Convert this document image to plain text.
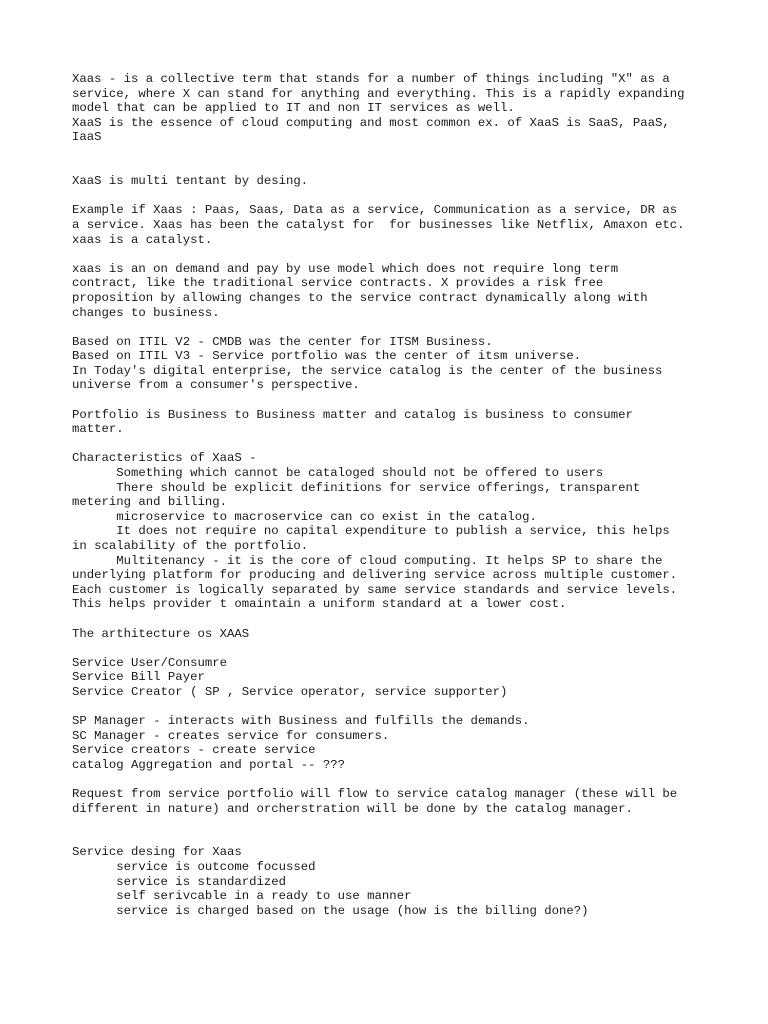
Xaas - is a collective term that stands for a number of things including "X" as a
service, where X can stand for anything and everything. This is a rapidly expanding
model that can be applied to IT and non IT services as well.
XaaS is the essence of cloud computing and most common ex. of XaaS is SaaS, PaaS,
IaaS
XaaS is multi tentant by desing.
Example if Xaas : Paas, Saas, Data as a service, Communication as a service, DR as
a service. Xaas has been the catalyst for  for businesses like Netflix, Amaxon etc.
xaas is a catalyst.
xaas is an on demand and pay by use model which does not require long term
contract, like the traditional service contracts. X provides a risk free
proposition by allowing changes to the service contract dynamically along with
changes to business.
Based on ITIL V2 - CMDB was the center for ITSM Business.
Based on ITIL V3 - Service portfolio was the center of itsm universe.
In Today's digital enterprise, the service catalog is the center of the business
universe from a consumer's perspective.
Portfolio is Business to Business matter and catalog is business to consumer
matter.
Characteristics of XaaS -
Something which cannot be cataloged should not be offered to users
There should be explicit definitions for service offerings, transparent
metering and billing.
microservice to macroservice can co exist in the catalog.
It does not require no capital expenditure to publish a service, this helps
in scalability of the portfolio.
Multitenancy - it is the core of cloud computing. It helps SP to share the
underlying platform for producing and delivering service across multiple customer.
Each customer is logically separated by same service standards and service levels.
This helps provider t omaintain a uniform standard at a lower cost.
The arthitecture os XAAS
Service User/Consumre
Service Bill Payer
Service Creator ( SP , Service operator, service supporter)
SP Manager - interacts with Business and fulfills the demands.
SC Manager - creates service for consumers.
Service creators - create service
catalog Aggregation and portal -- ???
Request from service portfolio will flow to service catalog manager (these will be
different in nature) and orcherstration will be done by the catalog manager.
Service desing for Xaas
service is outcome focussed
service is standardized
self serivcable in a ready to use manner
service is charged based on the usage (how is the billing done?)
